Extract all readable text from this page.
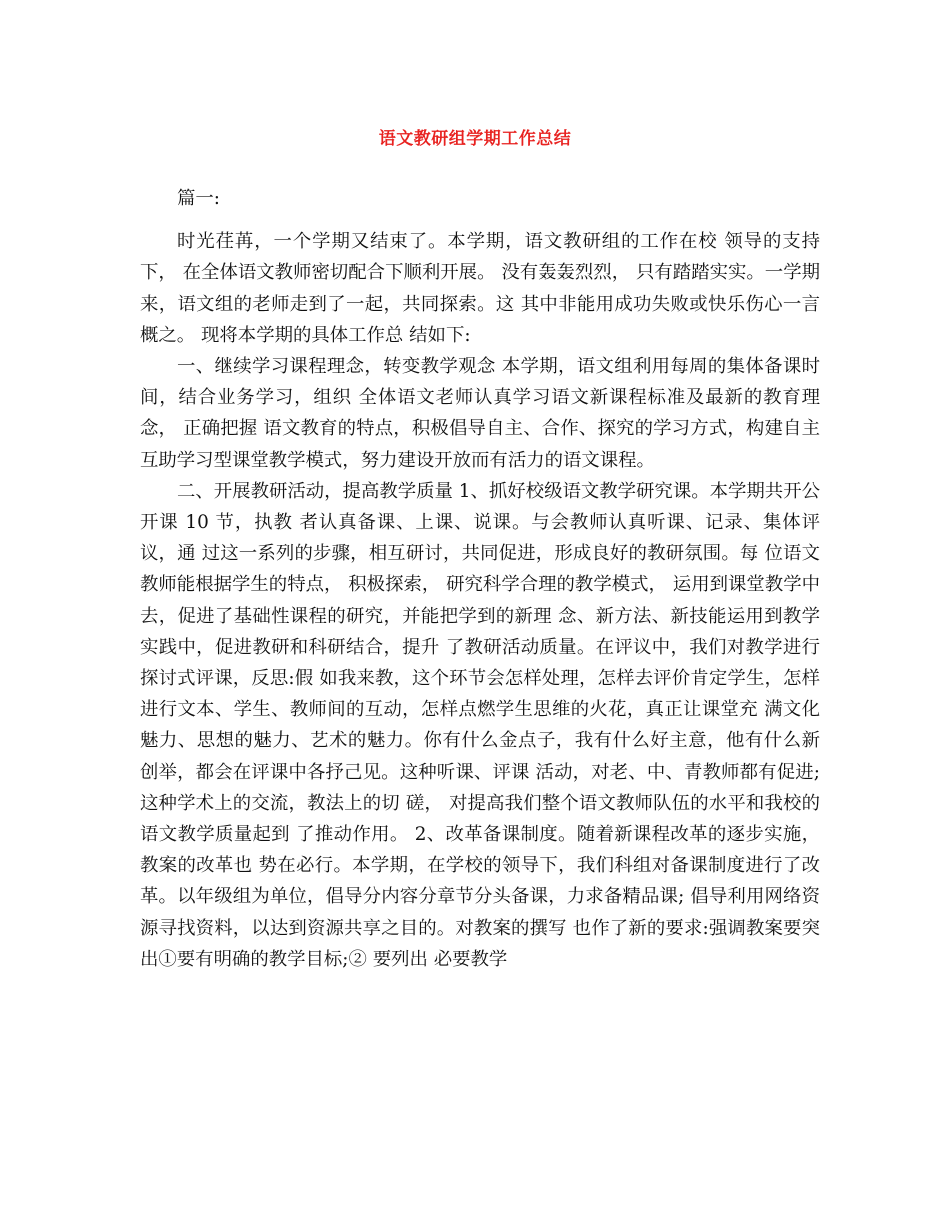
语文教研组学期工作总结

篇一:

时光荏苒，一个学期又结束了。本学期，语文教研组的工作在校 领导的支持下， 在全体语文教师密切配合下顺利开展。 没有轰轰烈烈， 只有踏踏实实。一学期来，语文组的老师走到了一起，共同探索。这 其中非能用成功失败或快乐伤心一言概之。 现将本学期的具体工作总 结如下:

一、继续学习课程理念，转变教学观念 本学期，语文组利用每周的集体备课时间，结合业务学习，组织 全体语文老师认真学习语文新课程标准及最新的教育理念， 正确把握 语文教育的特点，积极倡导自主、合作、探究的学习方式，构建自主 互助学习型课堂教学模式，努力建设开放而有活力的语文课程。

二、开展教研活动，提高教学质量 1、抓好校级语文教学研究课。本学期共开公开课 10 节，执教 者认真备课、上课、说课。与会教师认真听课、记录、集体评议，通 过这一系列的步骤，相互研讨，共同促进，形成良好的教研氛围。每 位语文教师能根据学生的特点， 积极探索， 研究科学合理的教学模式， 运用到课堂教学中去，促进了基础性课程的研究，并能把学到的新理 念、新方法、新技能运用到教学实践中，促进教研和科研结合，提升 了教研活动质量。在评议中，我们对教学进行探讨式评课，反思:假 如我来教，这个环节会怎样处理，怎样去评价肯定学生，怎样进行文本、学生、教师间的互动，怎样点燃学生思维的火花，真正让课堂充 满文化魅力、思想的魅力、艺术的魅力。你有什么金点子，我有什么好主意，他有什么新创举，都会在评课中各抒己见。这种听课、评课 活动，对老、中、青教师都有促进;这种学术上的交流，教法上的切 磋， 对提高我们整个语文教师队伍的水平和我校的语文教学质量起到 了推动作用。 2、改革备课制度。随着新课程改革的逐步实施，教案的改革也 势在必行。本学期，在学校的领导下，我们科组对备课制度进行了改 革。以年级组为单位，倡导分内容分章节分头备课，力求备精品课; 倡导利用网络资源寻找资料，以达到资源共享之目的。对教案的撰写 也作了新的要求:强调教案要突出①要有明确的教学目标;② 要列出 必要教学
